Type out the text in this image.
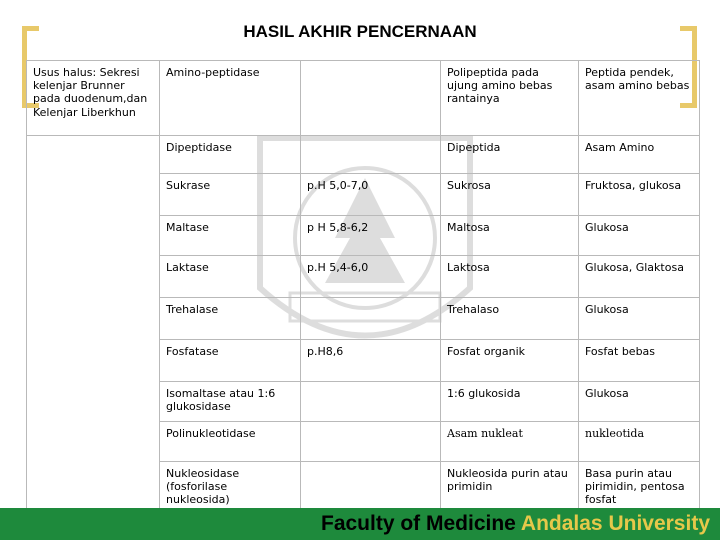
HASIL AKHIR PENCERNAAN
Usus halus: Sekresi kelenjar Brunner pada duodenum,dan Kelenjar Liberkhun	Amino-peptidase		Polipeptida pada ujung amino bebas rantainya	Peptida pendek, asam amino bebas
	Dipeptidase		Dipeptida	Asam Amino
	Sukrase	p.H 5,0-7,0	Sukrosa	Fruktosa, glukosa
	Maltase	p H 5,8-6,2	Maltosa	Glukosa
	Laktase	p.H 5,4-6,0	Laktosa	Glukosa, Glaktosa
	Trehalase		Trehalaso	Glukosa
	Fosfatase	p.H8,6	Fosfat organik	Fosfat bebas
	Isomaltase atau 1:6 glukosidase		1:6 glukosida	Glukosa
	Polinukleotidase		Asam nukleat	nukleotida
	Nukleosidase (fosforilase nukleosida)		Nukleosida purin atau primidin	Basa purin atau pirimidin, pentosa fosfat
Faculty of Medicine Andalas University
